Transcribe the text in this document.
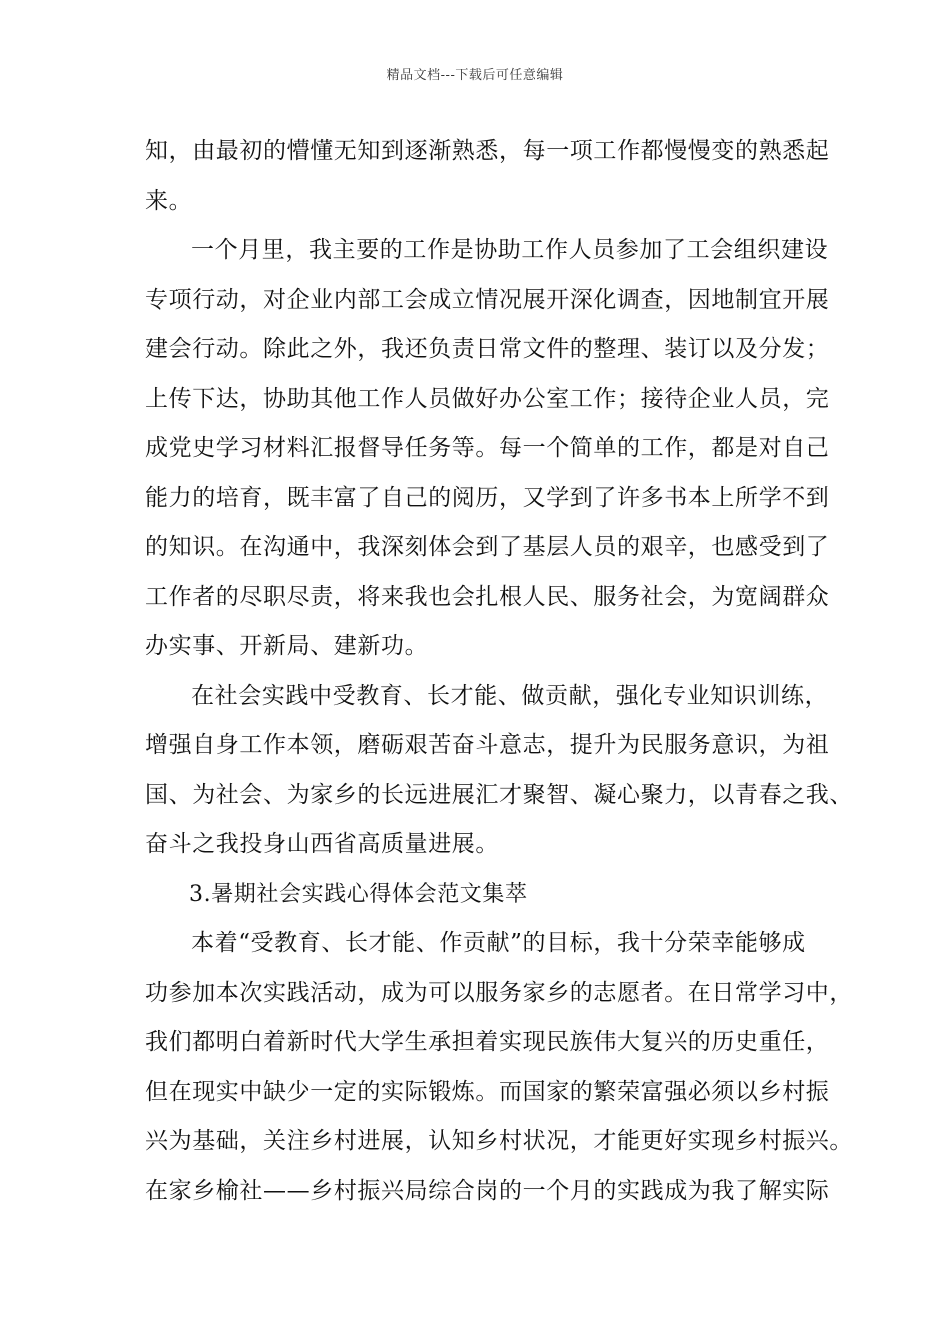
精品文档---下载后可任意编辑
知，由最初的懵懂无知到逐渐熟悉，每一项工作都慢慢变的熟悉起
来。
一个月里，我主要的工作是协助工作人员参加了工会组织建设
专项行动，对企业内部工会成立情况展开深化调查，因地制宜开展
建会行动。除此之外，我还负责日常文件的整理、装订以及分发；
上传下达，协助其他工作人员做好办公室工作；接待企业人员，完
成党史学习材料汇报督导任务等。每一个简单的工作，都是对自己
能力的培育，既丰富了自己的阅历，又学到了许多书本上所学不到
的知识。在沟通中，我深刻体会到了基层人员的艰辛，也感受到了
工作者的尽职尽责，将来我也会扎根人民、服务社会，为宽阔群众
办实事、开新局、建新功。
在社会实践中受教育、长才能、做贡献，强化专业知识训练，
增强自身工作本领，磨砺艰苦奋斗意志，提升为民服务意识，为祖
国、为社会、为家乡的长远进展汇才聚智、凝心聚力，以青春之我、
奋斗之我投身山西省高质量进展。
3.暑期社会实践心得体会范文集萃
本着“受教育、长才能、作贡献”的目标，我十分荣幸能够成
功参加本次实践活动，成为可以服务家乡的志愿者。在日常学习中，
我们都明白着新时代大学生承担着实现民族伟大复兴的历史重任，
但在现实中缺少一定的实际锻炼。而国家的繁荣富强必须以乡村振
兴为基础，关注乡村进展，认知乡村状况，才能更好实现乡村振兴。
在家乡榆社——乡村振兴局综合岗的一个月的实践成为我了解实际
